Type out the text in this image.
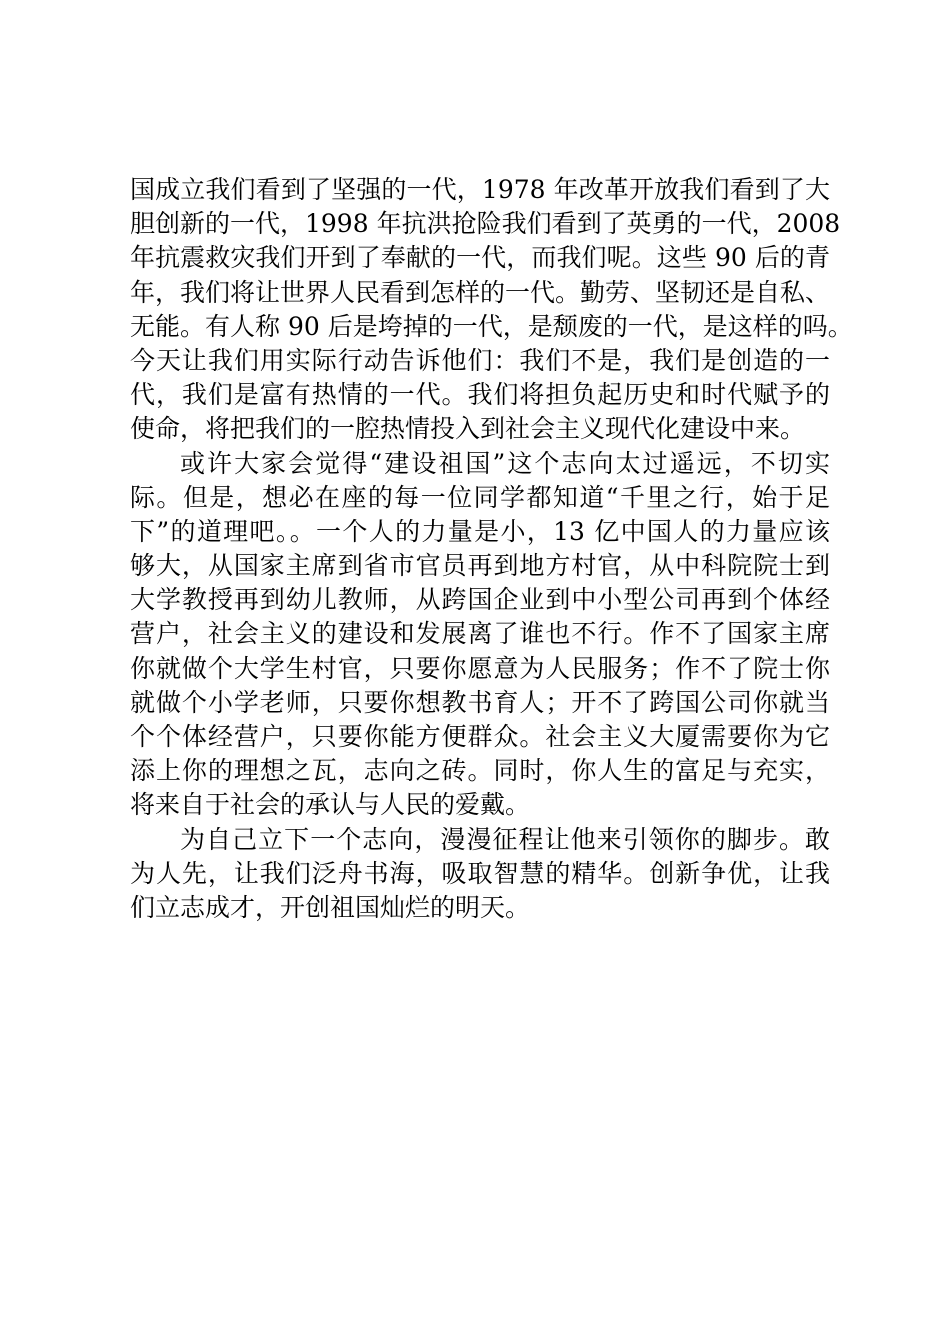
国成立我们看到了坚强的一代，1978 年改革开放我们看到了大
胆创新的一代，1998 年抗洪抢险我们看到了英勇的一代，2008
年抗震救灾我们开到了奉献的一代，而我们呢。这些 90 后的青
年，我们将让世界人民看到怎样的一代。勤劳、坚韧还是自私、
无能。有人称 90 后是垮掉的一代，是颓废的一代，是这样的吗。
今天让我们用实际行动告诉他们：我们不是，我们是创造的一
代，我们是富有热情的一代。我们将担负起历史和时代赋予的
使命，将把我们的一腔热情投入到社会主义现代化建设中来。
或许大家会觉得“建设祖国”这个志向太过遥远，不切实
际。但是，想必在座的每一位同学都知道“千里之行，始于足
下”的道理吧。。一个人的力量是小，13 亿中国人的力量应该
够大，从国家主席到省市官员再到地方村官，从中科院院士到
大学教授再到幼儿教师，从跨国企业到中小型公司再到个体经
营户，社会主义的建设和发展离了谁也不行。作不了国家主席
你就做个大学生村官，只要你愿意为人民服务；作不了院士你
就做个小学老师，只要你想教书育人；开不了跨国公司你就当
个个体经营户，只要你能方便群众。社会主义大厦需要你为它
添上你的理想之瓦，志向之砖。同时，你人生的富足与充实，
将来自于社会的承认与人民的爱戴。
为自己立下一个志向，漫漫征程让他来引领你的脚步。敢
为人先，让我们泛舟书海，吸取智慧的精华。创新争优，让我
们立志成才，开创祖国灿烂的明天。
